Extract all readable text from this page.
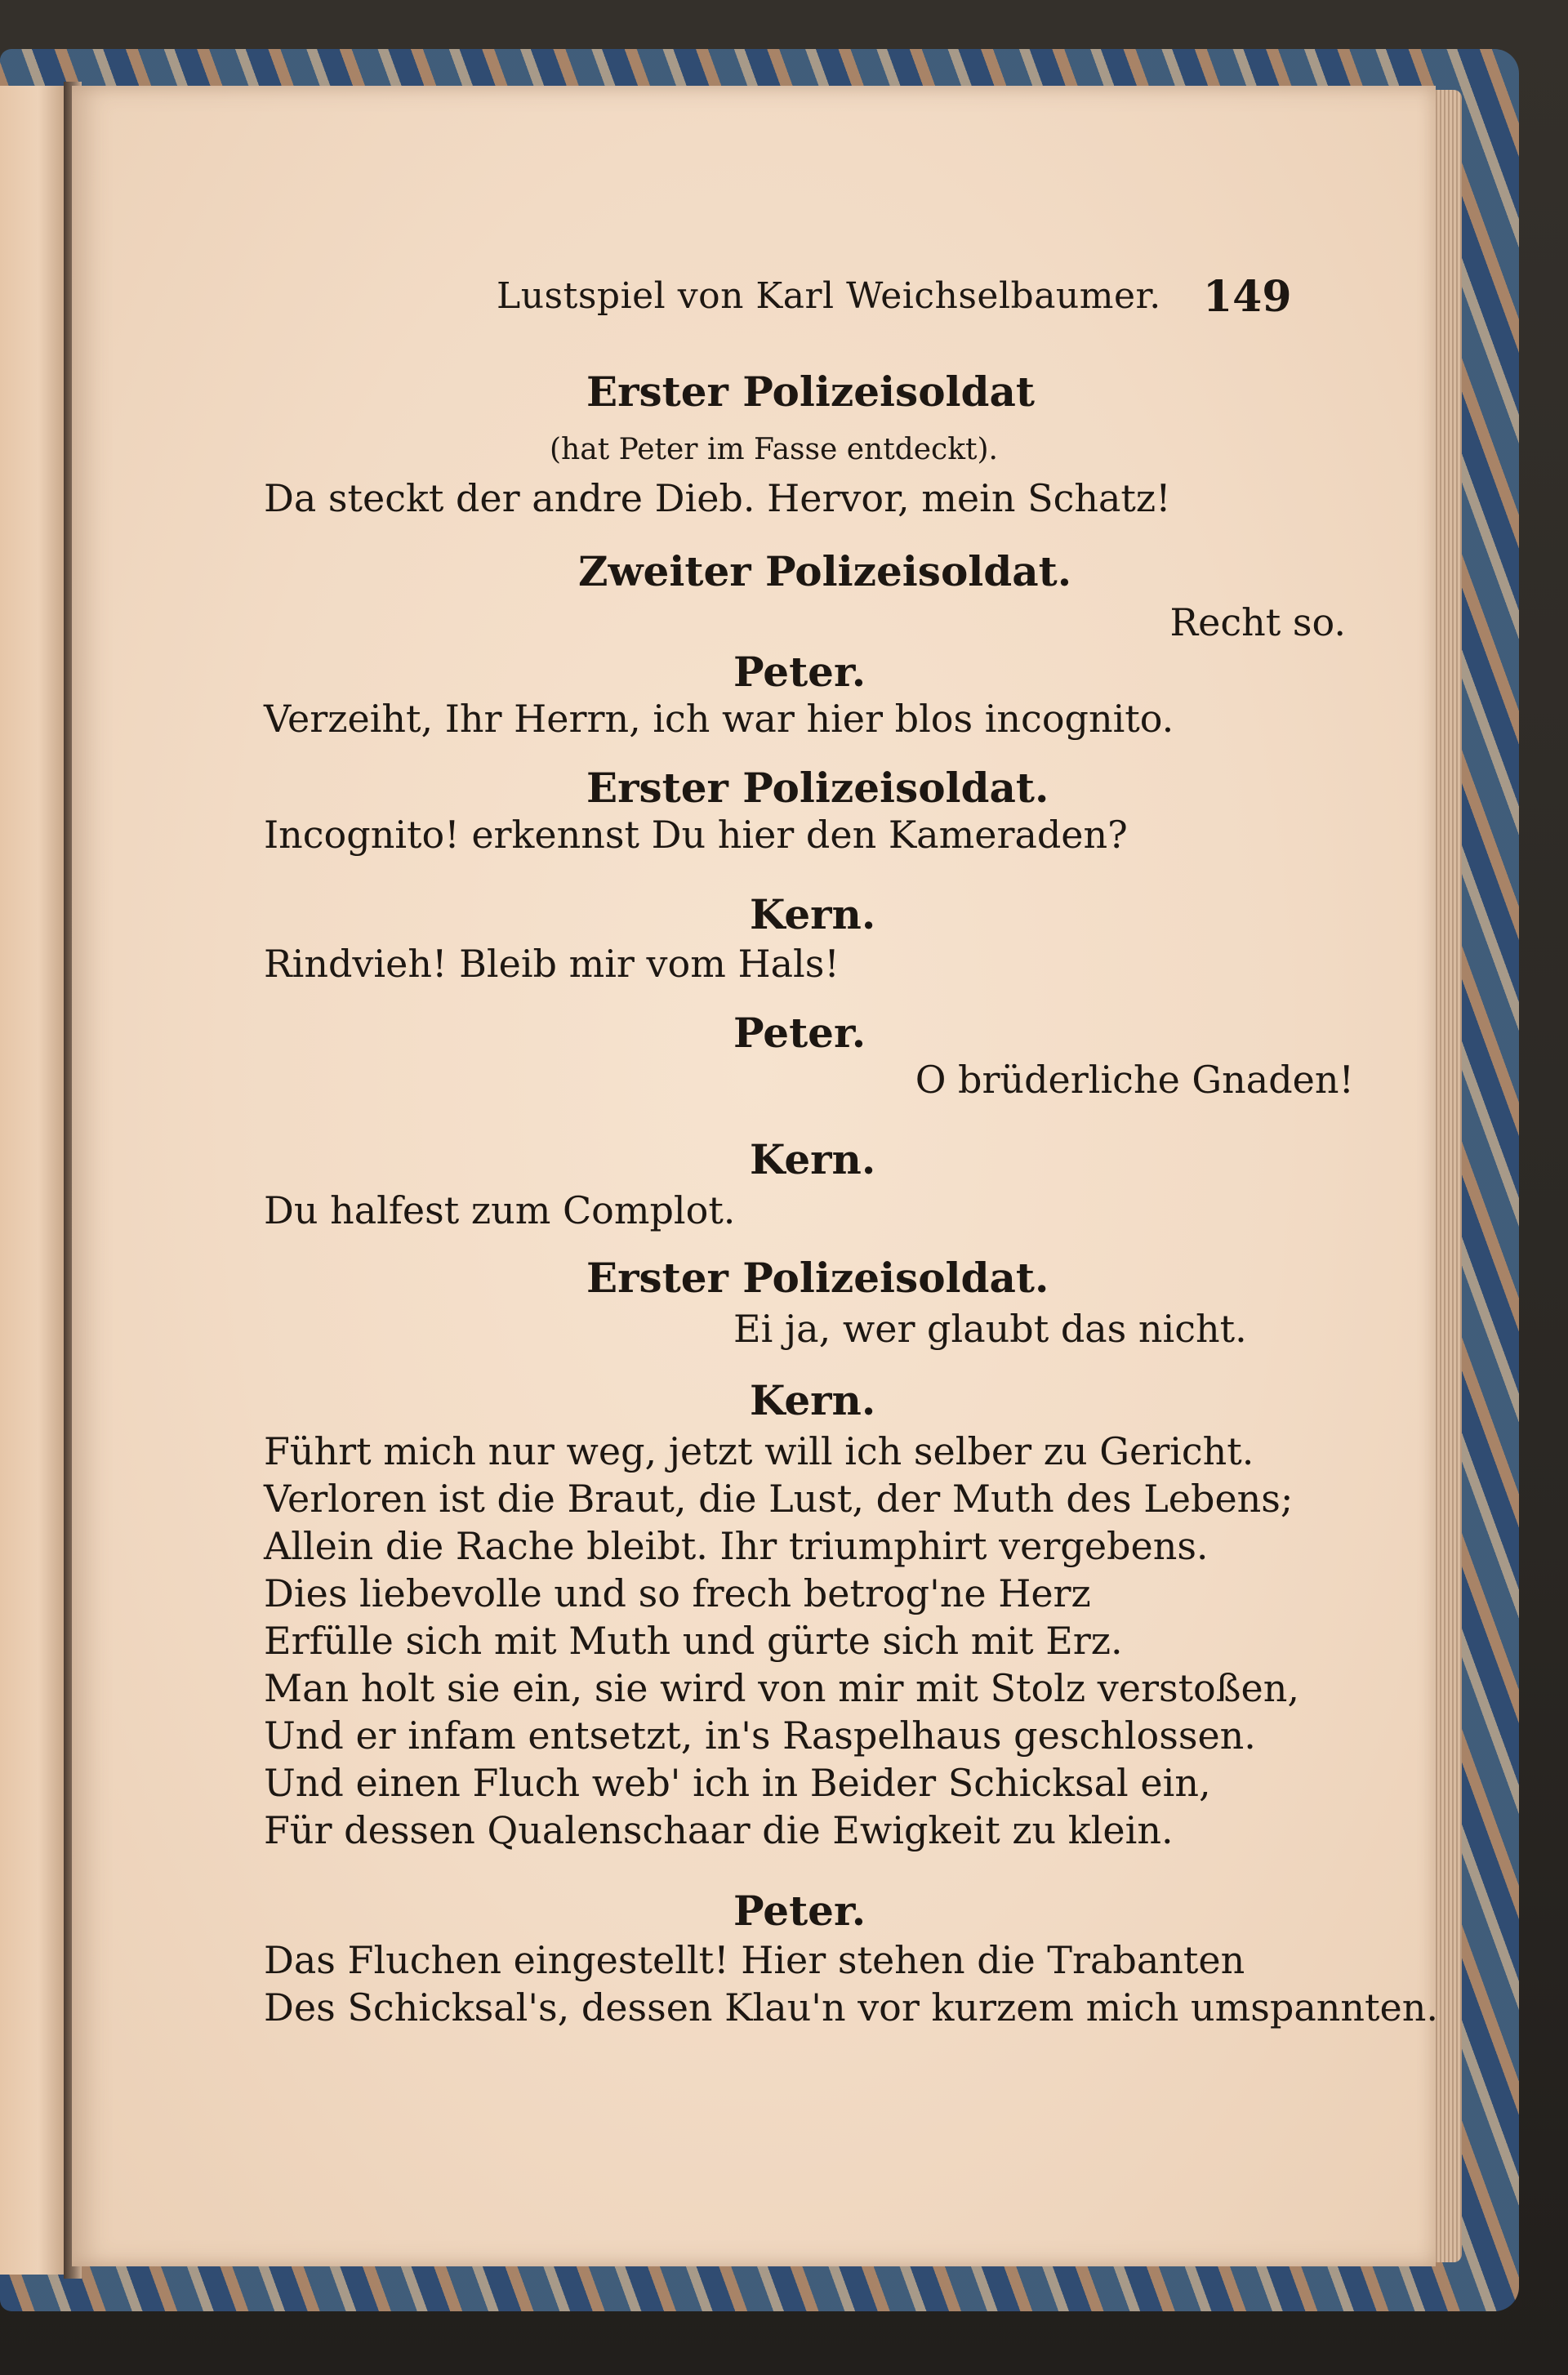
Lustspiel von Karl Weichselbaumer. 149
Erster Polizeisoldat
(hat Peter im Fasse entdeckt).
Da steckt der andre Dieb. Hervor, mein Schatz!
Zweiter Polizeisoldat.
Recht so.
Peter.
Verzeiht, Ihr Herrn, ich war hier blos incognito.
Erster Polizeisoldat.
Incognito! erkennst Du hier den Kameraden?
Kern.
Rindvieh! Bleib mir vom Hals!
Peter.
O brüderliche Gnaden!
Kern.
Du halfest zum Complot.
Erster Polizeisoldat.
Ei ja, wer glaubt das nicht.
Kern.
Führt mich nur weg, jetzt will ich selber zu Gericht.
Verloren ist die Braut, die Lust, der Muth des Lebens;
Allein die Rache bleibt. Ihr triumphirt vergebens.
Dies liebevolle und so frech betrog'ne Herz
Erfülle sich mit Muth und gürte sich mit Erz.
Man holt sie ein, sie wird von mir mit Stolz verstoßen,
Und er infam entsetzt, in's Raspelhaus geschlossen.
Und einen Fluch web' ich in Beider Schicksal ein,
Für dessen Qualenschaar die Ewigkeit zu klein.
Peter.
Das Fluchen eingestellt! Hier stehen die Trabanten
Des Schicksal's, dessen Klau'n vor kurzem mich umspannten.
